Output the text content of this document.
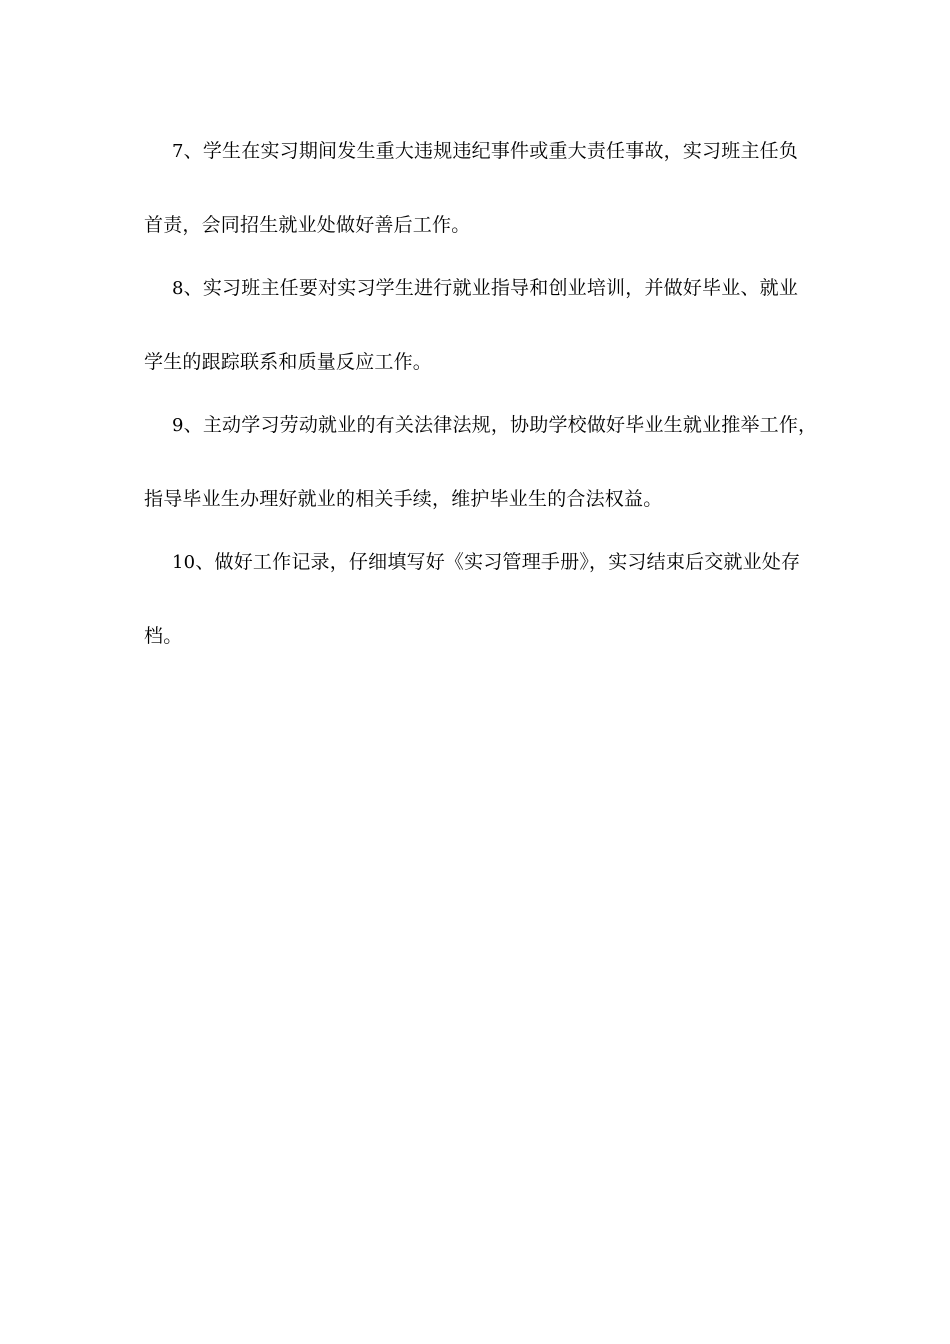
7、学生在实习期间发生重大违规违纪事件或重大责任事故，实习班主任负
首责，会同招生就业处做好善后工作。
8、实习班主任要对实习学生进行就业指导和创业培训，并做好毕业、就业
学生的跟踪联系和质量反应工作。
9、主动学习劳动就业的有关法律法规，协助学校做好毕业生就业推举工作，
指导毕业生办理好就业的相关手续，维护毕业生的合法权益。
10、做好工作记录，仔细填写好《实习管理手册》，实习结束后交就业处存
档。
